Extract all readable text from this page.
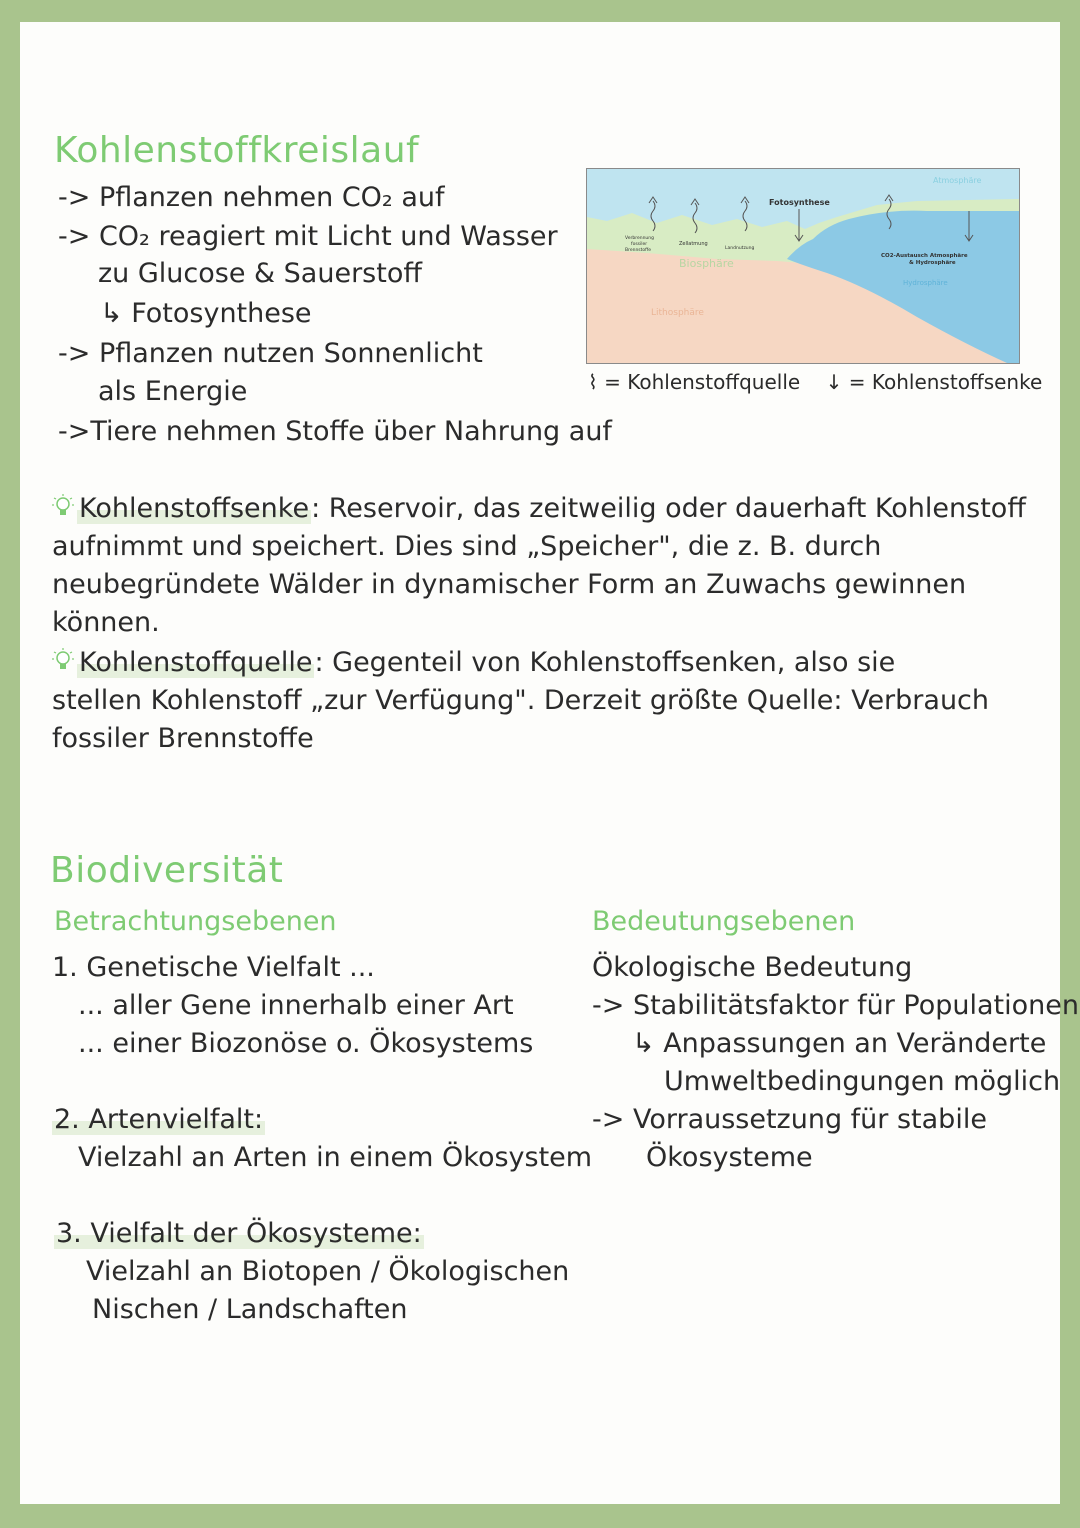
Kohlenstoffkreislauf
-> Pflanzen nehmen CO₂ auf
-> CO₂ reagiert mit Licht und Wasser
zu Glucose & Sauerstoff
↳ Fotosynthese
-> Pflanzen nutzen Sonnenlicht
als Energie
->Tiere nehmen Stoffe über Nahrung auf
Atmosphäre
Fotosynthese
Verbrennung
fossiler
Brennstoffe
Zellatmung
Landnutzung
Biosphäre
Lithosphäre
CO2-Austausch Atmosphäre
& Hydrosphäre
Hydrosphäre
⌇ = Kohlenstoffquelle ↓ = Kohlenstoffsenke
Kohlenstoffsenke: Reservoir, das zeitweilig oder dauerhaft Kohlenstoff aufnimmt und speichert. Dies sind „Speicher", die z. B. durch neubegründete Wälder in dynamischer Form an Zuwachs gewinnen können.
Kohlenstoffquelle: Gegenteil von Kohlenstoffsenken, also sie stellen Kohlenstoff „zur Verfügung". Derzeit größte Quelle: Verbrauch fossiler Brennstoffe
Biodiversität
Betrachtungsebenen
1. Genetische Vielfalt ...
... aller Gene innerhalb einer Art
... einer Biozonöse o. Ökosystems
2. Artenvielfalt:
Vielzahl an Arten in einem Ökosystem
3. Vielfalt der Ökosysteme:
Vielzahl an Biotopen / Ökologischen
Nischen / Landschaften
Bedeutungsebenen
Ökologische Bedeutung
-> Stabilitätsfaktor für Populationen
↳ Anpassungen an Veränderte
Umweltbedingungen möglich
-> Vorraussetzung für stabile
Ökosysteme
